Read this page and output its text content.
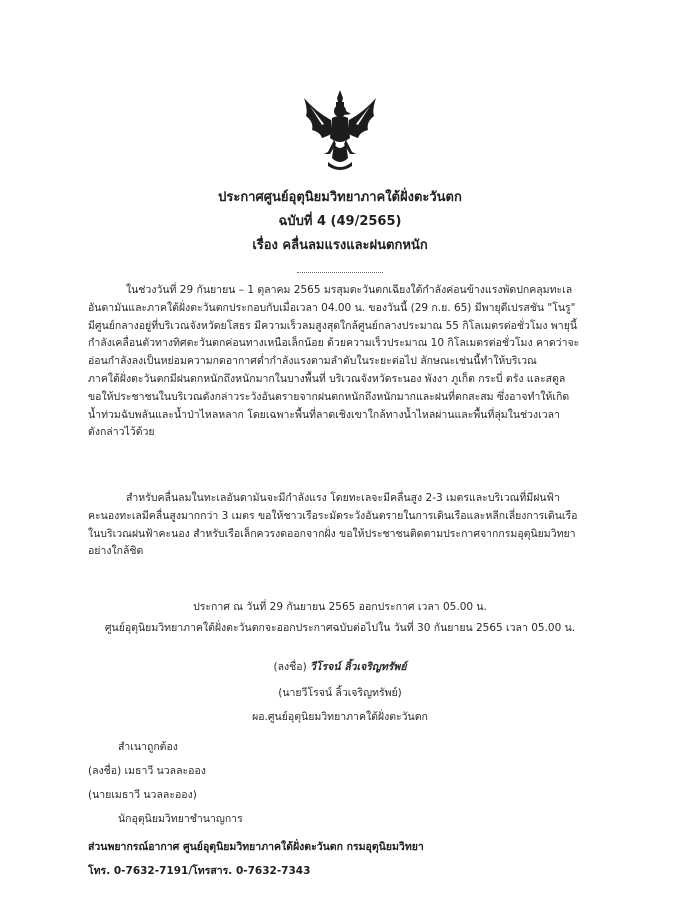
ประกาศศูนย์อุตุนิยมวิทยาภาคใต้ฝั่งตะวันตก
ฉบับที่ 4 (49/2565)
เรื่อง คลื่นลมแรงและฝนตกหนัก
ในช่วงวันที่ 29 กันยายน – 1 ตุลาคม 2565 มรสุมตะวันตกเฉียงใต้กำลังค่อนข้างแรงพัดปกคลุมทะเล
อันดามันและภาคใต้ฝั่งตะวันตกประกอบกับเมื่อเวลา 04.00 น. ของวันนี้ (29 ก.ย. 65) มีพายุดีเปรสชัน "โนรู"
มีศูนย์กลางอยู่ที่บริเวณจังหวัดยโสธร มีความเร็วลมสูงสุดใกล้ศูนย์กลางประมาณ 55 กิโลเมตรต่อชั่วโมง พายุนี้
กำลังเคลื่อนตัวทางทิศตะวันตกค่อนทางเหนือเล็กน้อย ด้วยความเร็วประมาณ 10 กิโลเมตรต่อชั่วโมง คาดว่าจะ
อ่อนกำลังลงเป็นหย่อมความกดอากาศต่ำกำลังแรงตามลำดับในระยะต่อไป ลักษณะเช่นนี้ทำให้บริเวณ
ภาคใต้ฝั่งตะวันตกมีฝนตกหนักถึงหนักมากในบางพื้นที่ บริเวณจังหวัดระนอง พังงา ภูเก็ต กระบี่ ตรัง และสตูล
ขอให้ประชาชนในบริเวณดังกล่าวระวังอันตรายจากฝนตกหนักถึงหนักมากและฝนที่ตกสะสม ซึ่งอาจทำให้เกิด
น้ำท่วมฉับพลันและน้ำป่าไหลหลาก โดยเฉพาะพื้นที่ลาดเชิงเขาใกล้ทางน้ำไหลผ่านและพื้นที่ลุ่มในช่วงเวลา
ดังกล่าวไว้ด้วย
สำหรับคลื่นลมในทะเลอันดามันจะมีกำลังแรง โดยทะเลจะมีคลื่นสูง 2-3 เมตรและบริเวณที่มีฝนฟ้า
คะนองทะเลมีคลื่นสูงมากกว่า 3 เมตร ขอให้ชาวเรือระมัดระวังอันตรายในการเดินเรือและหลีกเลี่ยงการเดินเรือ
ในบริเวณฝนฟ้าคะนอง สำหรับเรือเล็กควรงดออกจากฝั่ง ขอให้ประชาชนติดตามประกาศจากกรมอุตุนิยมวิทยา
อย่างใกล้ชิด
ประกาศ ณ วันที่ 29 กันยายน 2565 ออกประกาศ เวลา 05.00 น.
ศูนย์อุตุนิยมวิทยาภาคใต้ฝั่งตะวันตกจะออกประกาศฉบับต่อไปใน วันที่ 30 กันยายน 2565 เวลา 05.00 น.
(ลงชื่อ) วีโรจน์ ลิ้วเจริญทรัพย์
(นายวีโรจน์ ลิ้วเจริญทรัพย์)
ผอ.ศูนย์อุตุนิยมวิทยาภาคใต้ฝั่งตะวันตก
สำเนาถูกต้อง
(ลงชื่อ) เมธาวี นวลละออง
(นายเมธาวี นวลละออง)
นักอุตุนิยมวิทยาชำนาญการ
ส่วนพยากรณ์อากาศ ศูนย์อุตุนิยมวิทยาภาคใต้ฝั่งตะวันตก กรมอุตุนิยมวิทยา
โทร. 0-7632-7191/โทรสาร. 0-7632-7343
